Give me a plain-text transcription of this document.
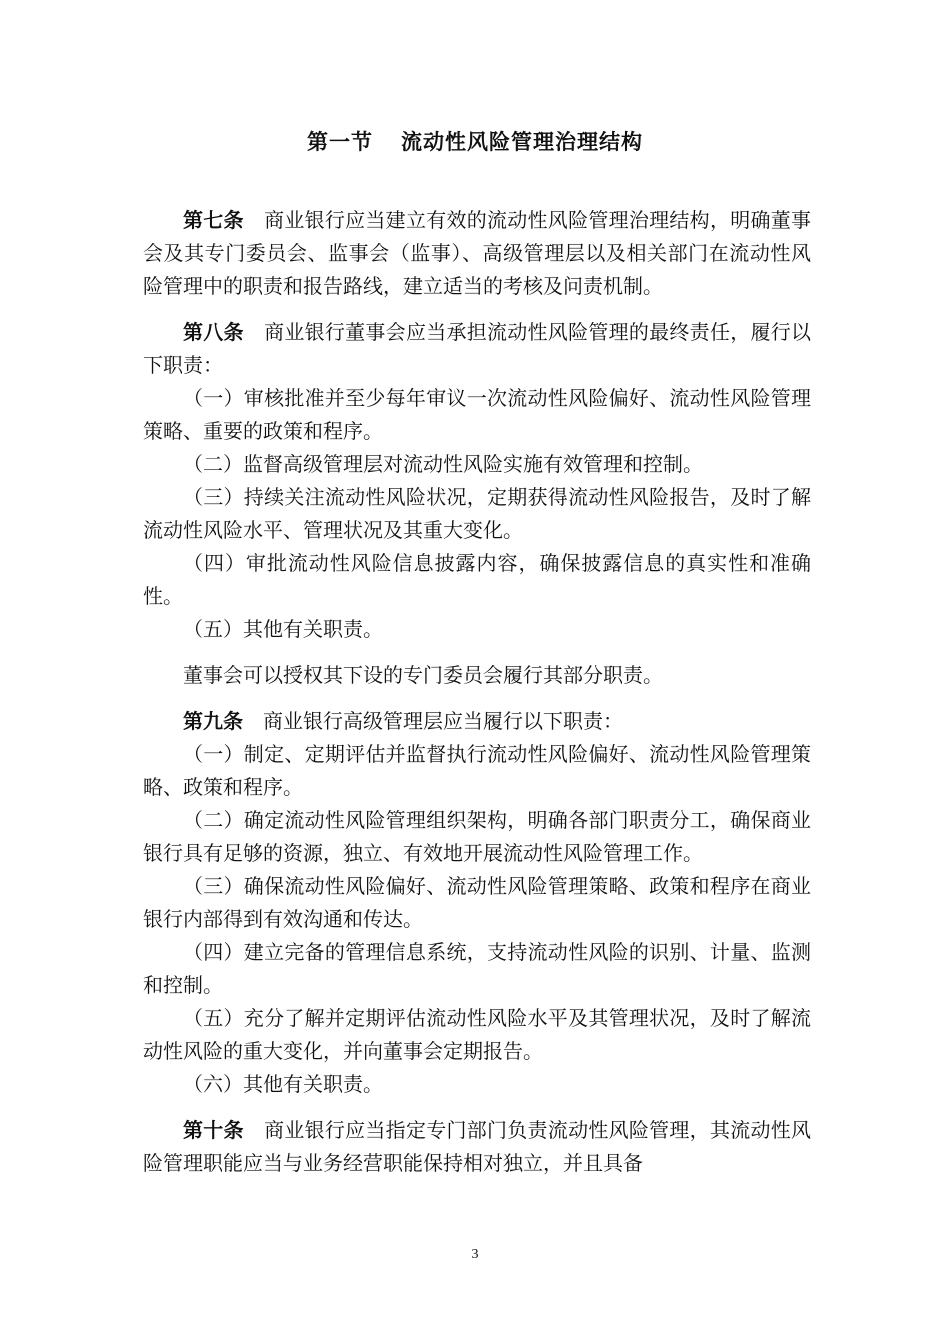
第一节 流动性风险管理治理结构

第七条 商业银行应当建立有效的流动性风险管理治理结构，明确董事会及其专门委员会、监事会（监事）、高级管理层以及相关部门在流动性风险管理中的职责和报告路线，建立适当的考核及问责机制。

第八条 商业银行董事会应当承担流动性风险管理的最终责任，履行以下职责：

（一）审核批准并至少每年审议一次流动性风险偏好、流动性风险管理策略、重要的政策和程序。

（二）监督高级管理层对流动性风险实施有效管理和控制。

（三）持续关注流动性风险状况，定期获得流动性风险报告，及时了解流动性风险水平、管理状况及其重大变化。

（四）审批流动性风险信息披露内容，确保披露信息的真实性和准确性。

（五）其他有关职责。

董事会可以授权其下设的专门委员会履行其部分职责。

第九条 商业银行高级管理层应当履行以下职责：

（一）制定、定期评估并监督执行流动性风险偏好、流动性风险管理策略、政策和程序。

（二）确定流动性风险管理组织架构，明确各部门职责分工，确保商业银行具有足够的资源，独立、有效地开展流动性风险管理工作。

（三）确保流动性风险偏好、流动性风险管理策略、政策和程序在商业银行内部得到有效沟通和传达。

（四）建立完备的管理信息系统，支持流动性风险的识别、计量、监测和控制。

（五）充分了解并定期评估流动性风险水平及其管理状况，及时了解流动性风险的重大变化，并向董事会定期报告。

（六）其他有关职责。

第十条 商业银行应当指定专门部门负责流动性风险管理，其流动性风险管理职能应当与业务经营职能保持相对独立，并且具备

3
